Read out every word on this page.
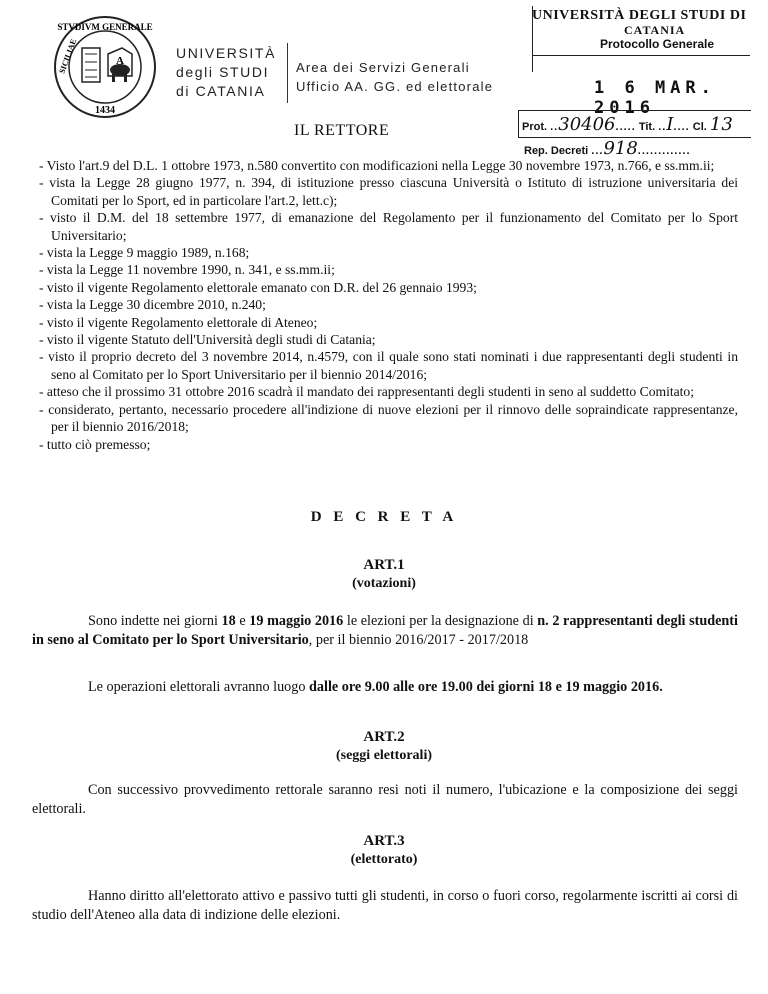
STVDIVM GENERALE
SICILIAE
1434
A	UNIVERSITÀ
degli STUDI
di CATANIA
Area dei Servizi Generali
Ufficio AA. GG. ed elettorale
UNIVERSITÀ DEGLI STUDI DI
CATANIA
Protocollo Generale
1 6 MAR. 2016
Prot. ..30406..... Tit. ..I.... Cl. 13
Rep. Decreti ...918.............
IL RETTORE
- Visto l'art.9 del D.L. 1 ottobre 1973, n.580 convertito con modificazioni nella Legge 30 novembre 1973, n.766, e ss.mm.ii;
- vista la Legge 28 giugno 1977, n. 394, di istituzione presso ciascuna Università o Istituto di istruzione universitaria dei Comitati per lo Sport, ed in particolare l'art.2, lett.c);
- visto il D.M. del 18 settembre 1977, di emanazione del Regolamento per il funzionamento del Comitato per lo Sport Universitario;
- vista la Legge 9 maggio 1989, n.168;
- vista la Legge 11 novembre 1990, n. 341, e ss.mm.ii;
- visto il vigente Regolamento elettorale emanato con D.R. del 26 gennaio 1993;
- vista la Legge 30 dicembre 2010, n.240;
- visto il vigente Regolamento elettorale di Ateneo;
- visto il vigente Statuto dell'Università degli studi di Catania;
- visto il proprio decreto del 3 novembre 2014, n.4579, con il quale sono stati nominati i due rappresentanti degli studenti in seno al Comitato per lo Sport Universitario per il biennio 2014/2016;
- atteso che il prossimo 31 ottobre 2016 scadrà il mandato dei rappresentanti degli studenti in seno al suddetto Comitato;
- considerato, pertanto, necessario procedere all'indizione di nuove elezioni per il rinnovo delle sopraindicate rappresentanze, per il biennio 2016/2018;
- tutto ciò premesso;
D E C R E T A
ART.1
(votazioni)
Sono indette nei giorni 18 e 19 maggio 2016 le elezioni per la designazione di n. 2 rappresentanti degli studenti in seno al Comitato per lo Sport Universitario, per il biennio 2016/2017 - 2017/2018
Le operazioni elettorali avranno luogo dalle ore 9.00 alle ore 19.00 dei giorni 18 e 19 maggio 2016.
ART.2
(seggi elettorali)
Con successivo provvedimento rettorale saranno resi noti il numero, l'ubicazione e la composizione dei seggi elettorali.
ART.3
(elettorato)
Hanno diritto all'elettorato attivo e passivo tutti gli studenti, in corso o fuori corso, regolarmente iscritti ai corsi di studio dell'Ateneo alla data di indizione delle elezioni.
